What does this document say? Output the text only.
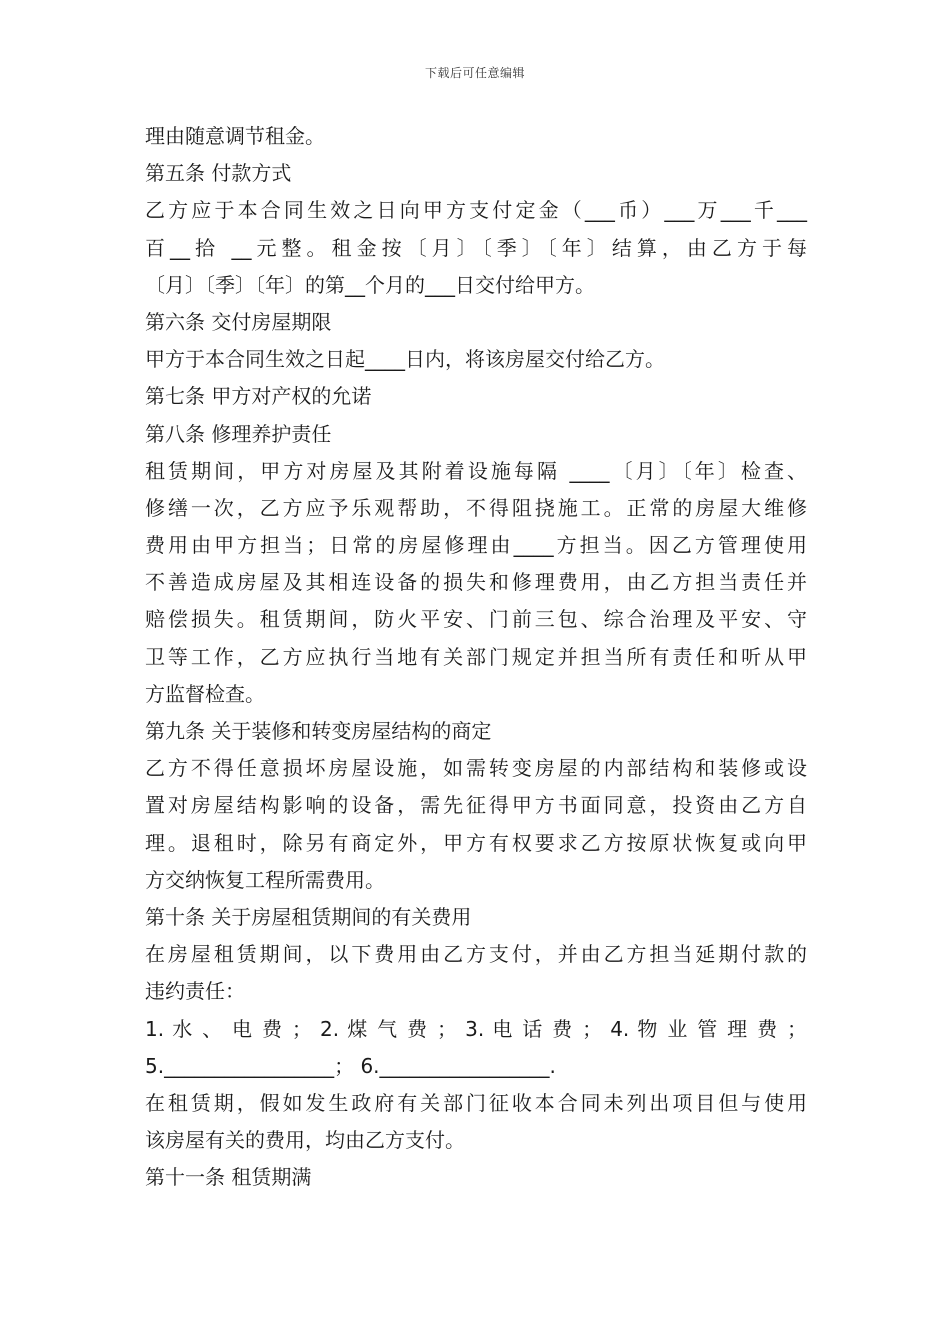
下载后可任意编辑
理由随意调节租金。
第五条 付款方式
乙方应于本合同生效之日向甲方支付定金（___币）___万___千___
百__拾 __元整。租金按〔月〕〔季〕〔年〕结算，由乙方于每
〔月〕〔季〕〔年〕的第__个月的___日交付给甲方。
第六条 交付房屋期限
甲方于本合同生效之日起____日内，将该房屋交付给乙方。
第七条 甲方对产权的允诺
第八条 修理养护责任
租赁期间，甲方对房屋及其附着设施每隔 ____〔月〕〔年〕检查、
修缮一次，乙方应予乐观帮助，不得阻挠施工。正常的房屋大维修
费用由甲方担当；日常的房屋修理由____方担当。因乙方管理使用
不善造成房屋及其相连设备的损失和修理费用，由乙方担当责任并
赔偿损失。租赁期间，防火平安、门前三包、综合治理及平安、守
卫等工作，乙方应执行当地有关部门规定并担当所有责任和听从甲
方监督检查。
第九条 关于装修和转变房屋结构的商定
乙方不得任意损坏房屋设施，如需转变房屋的内部结构和装修或设
置对房屋结构影响的设备，需先征得甲方书面同意，投资由乙方自
理。退租时，除另有商定外，甲方有权要求乙方按原状恢复或向甲
方交纳恢复工程所需费用。
第十条 关于房屋租赁期间的有关费用
在房屋租赁期间，以下费用由乙方支付，并由乙方担当延期付款的
违约责任：
1. 水 、 电 费 ； 2. 煤 气 费 ； 3. 电 话 费 ； 4. 物 业 管 理 费 ；
5._________________； 6._________________.
在租赁期，假如发生政府有关部门征收本合同未列出项目但与使用
该房屋有关的费用，均由乙方支付。
第十一条 租赁期满
